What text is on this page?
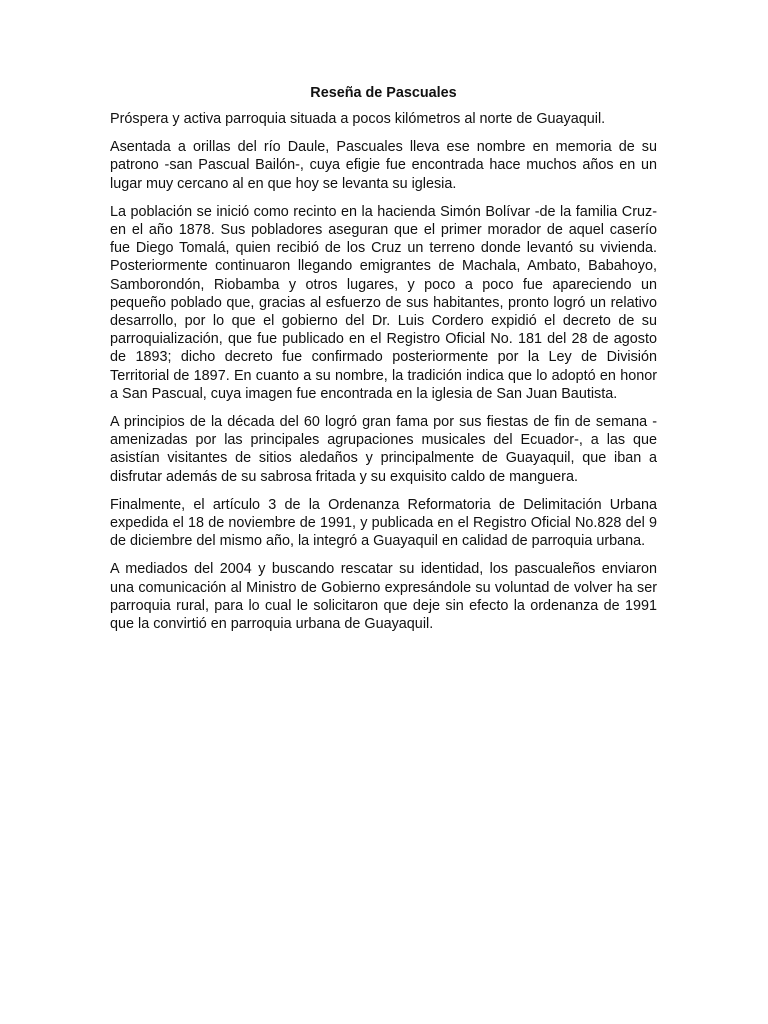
Reseña de Pascuales

Próspera y activa parroquia situada a pocos kilómetros al norte de Guayaquil.

Asentada a orillas del río Daule, Pascuales lleva ese nombre en memoria de su patrono -san Pascual Bailón-, cuya efigie fue encontrada hace muchos años en un lugar muy cercano al en que hoy se levanta su iglesia.

La población se inició como recinto en la hacienda Simón Bolívar -de la familia Cruz- en el año 1878. Sus pobladores aseguran que el primer morador de aquel caserío fue Diego Tomalá, quien recibió de los Cruz un terreno donde levantó su vivienda. Posteriormente continuaron llegando emigrantes de Machala, Ambato, Babahoyo, Samborondón, Riobamba y otros lugares, y poco a poco fue apareciendo un pequeño poblado que, gracias al esfuerzo de sus habitantes, pronto logró un relativo desarrollo, por lo que el gobierno del Dr. Luis Cordero expidió el decreto de su parroquialización, que fue publicado en el Registro Oficial No. 181 del 28 de agosto de 1893; dicho decreto fue confirmado posteriormente por la Ley de División Territorial de 1897. En cuanto a su nombre, la tradición indica que lo adoptó en honor a San Pascual, cuya imagen fue encontrada en la iglesia de San Juan Bautista.

A principios de la década del 60 logró gran fama por sus fiestas de fin de semana -amenizadas por las principales agrupaciones musicales del Ecuador-, a las que asistían visitantes de sitios aledaños y principalmente de Guayaquil, que iban a disfrutar además de su sabrosa fritada y su exquisito caldo de manguera.

Finalmente, el artículo 3 de la Ordenanza Reformatoria de Delimitación Urbana expedida el 18 de noviembre de 1991, y publicada en el Registro Oficial No.828 del 9 de diciembre del mismo año, la integró a Guayaquil en calidad de parroquia urbana.

A mediados del 2004 y buscando rescatar su identidad, los pascualeños enviaron una comunicación al Ministro de Gobierno expresándole su voluntad de volver ha ser parroquia rural, para lo cual le solicitaron que deje sin efecto la ordenanza de 1991 que la convirtió en parroquia urbana de Guayaquil.
